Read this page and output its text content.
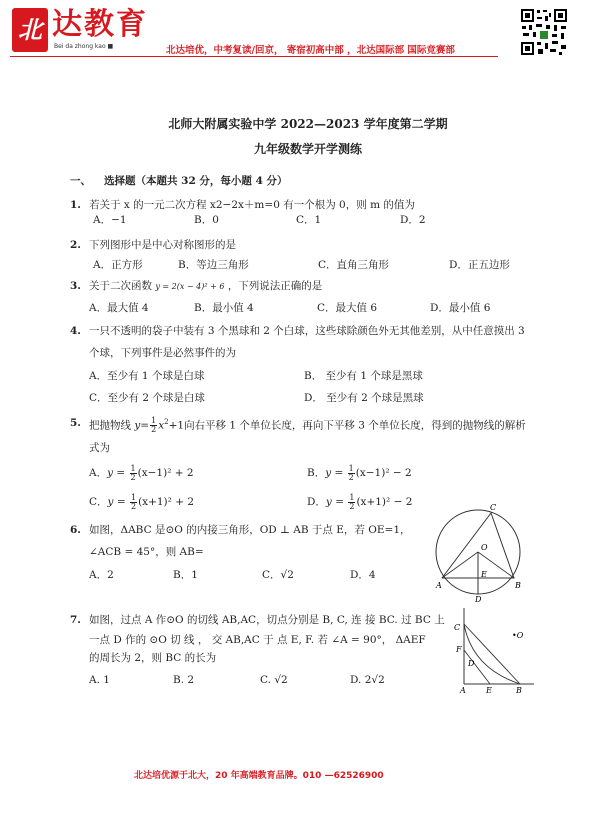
北 达教育
Bei da zhong kao ■	北达培优，中考复读/回京， 寄宿初高中部 ，北达国际部 国际竞赛部
北师大附属实验中学 2022—2023 学年度第二学期
九年级数学开学测练
一、 选择题（本题共 32 分，每小题 4 分）
1. 若关于 x 的一元二次方程 x2−2x＋m=0 有一个根为 0，则 m 的值为
A．−1	B．0	C．1	D．2
2. 下列图形中是中心对称图形的是
A．正方形	B．等边三角形	C．直角三角形	D．正五边形
3. 关于二次函数 y = 2(x − 4)² + 6 ，下列说法正确的是
A．最大值 4	B．最小值 4	C．最大值 6	D．最小值 6
4. 一只不透明的袋子中装有 3 个黑球和 2 个白球，这些球除颜色外无其他差别，从中任意摸出 3
个球，下列事件是必然事件的为
A．至少有 1 个球是白球	B． 至少有 1 个球是黑球
C．至少有 2 个球是白球	D． 至少有 2 个球是黑球
5. 把抛物线 $y= \frac{1}{2} x^2+1$向右平移 1 个单位长度，再向下平移 3 个单位长度，得到的抛物线的解析
式为
A．$y = \frac{1}{2} (x-1)^2 + 2$	B．$y = \frac{1}{2} (x-1)^2 - 2$
C．$y = \frac{1}{2} (x+1)^2 + 2$	D．$y = \frac{1}{2} (x+1)^2 - 2$
6. 如图，ΔABC 是⊙O 的内接三角形，OD ⊥ AB 于点 E，若 OE=1，
∠ACB = 45°，则 AB=
A．2	B．1	C．√2	D．4
C
O
A
E
B
D
7. 如图，过点 A 作⊙O 的切线 AB,AC，切点分别是 B, C, 连 接 BC. 过 BC 上
一点 D 作的 ⊙O 切 线 ， 交 AB,AC 于 点 E, F. 若 ∠A = 90°， ΔAEF
的周长为 2，则 BC 的长为
A. 1	B. 2	C. √2	D. 2√2
C
•O
F
D
A	E	B
北达培优源于北大，20 年高端教育品牌。010 —62526900
